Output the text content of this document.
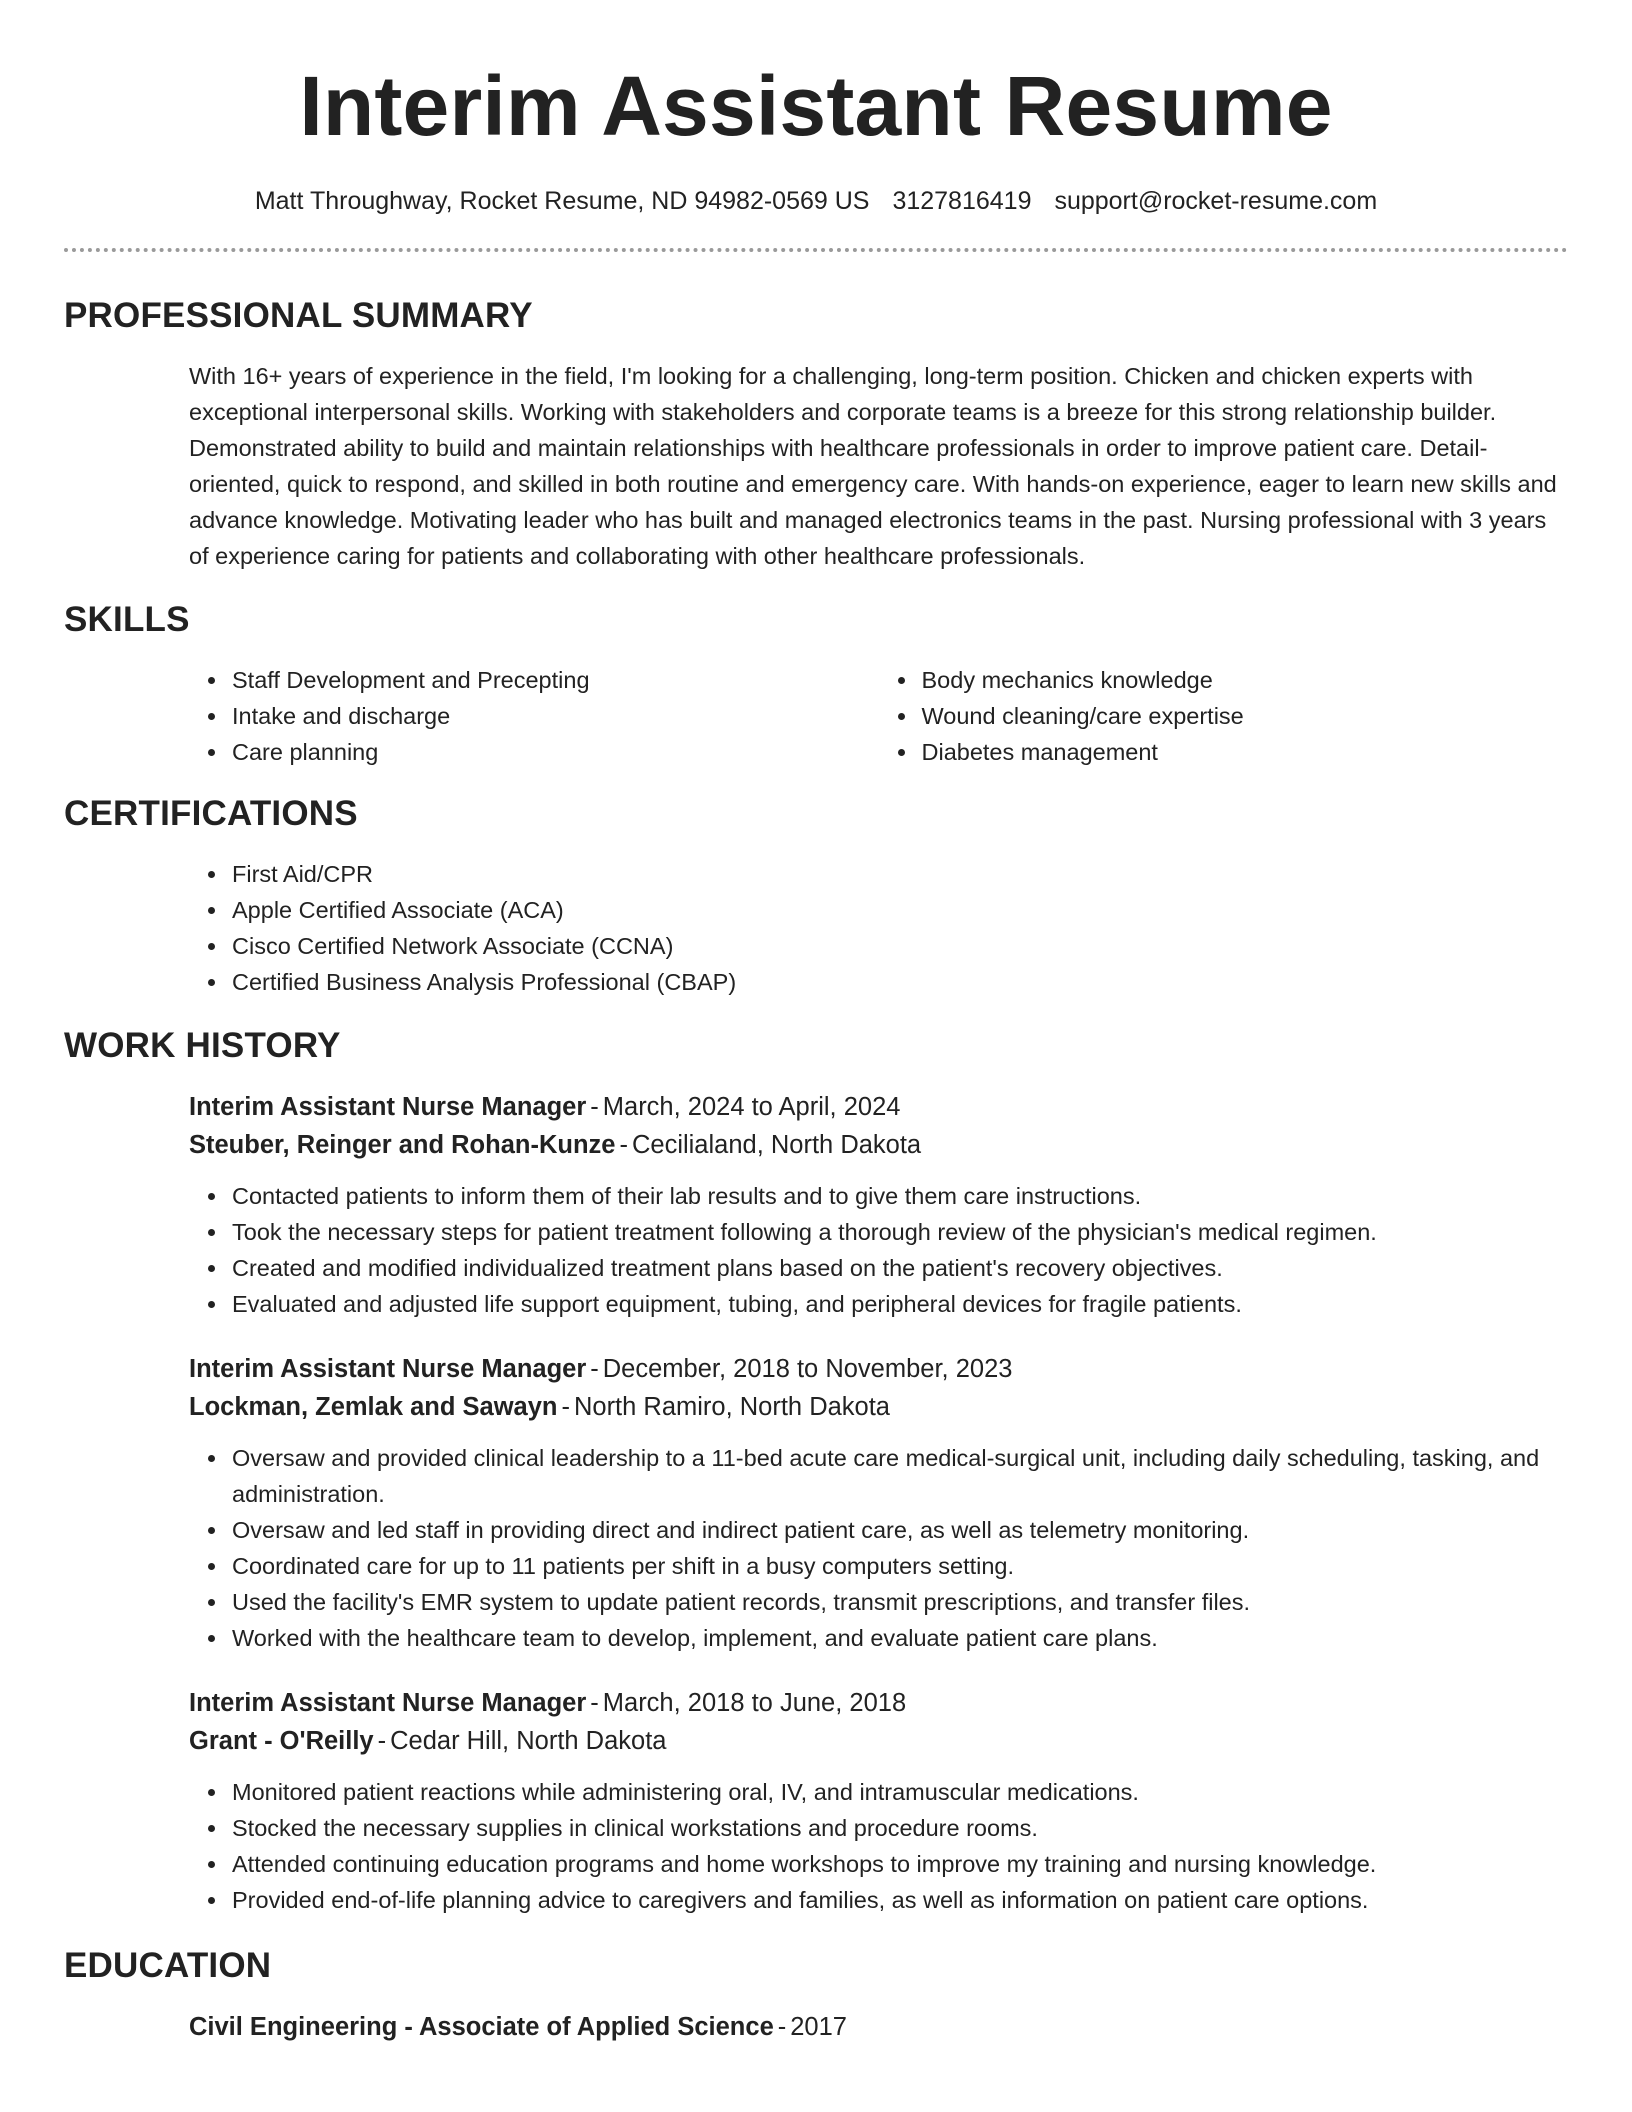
Interim Assistant Resume
Matt Throughway, Rocket Resume, ND 94982-0569 US 3127816419 support@rocket-resume.com
PROFESSIONAL SUMMARY

With 16+ years of experience in the field, I'm looking for a challenging, long-term position. Chicken and chicken experts with exceptional interpersonal skills. Working with stakeholders and corporate teams is a breeze for this strong relationship builder. Demonstrated ability to build and maintain relationships with healthcare professionals in order to improve patient care. Detail-oriented, quick to respond, and skilled in both routine and emergency care. With hands-on experience, eager to learn new skills and advance knowledge. Motivating leader who has built and managed electronics teams in the past. Nursing professional with 3 years of experience caring for patients and collaborating with other healthcare professionals.

SKILLS
Staff Development and Precepting
Intake and discharge
Care planning
Body mechanics knowledge
Wound cleaning/care expertise
Diabetes management
CERTIFICATIONS
First Aid/CPR
Apple Certified Associate (ACA)
Cisco Certified Network Associate (CCNA)
Certified Business Analysis Professional (CBAP)
WORK HISTORY
Interim Assistant Nurse Manager - March, 2024 to April, 2024
Steuber, Reinger and Rohan-Kunze - Cecilialand, North Dakota
Contacted patients to inform them of their lab results and to give them care instructions.
Took the necessary steps for patient treatment following a thorough review of the physician's medical regimen.
Created and modified individualized treatment plans based on the patient's recovery objectives.
Evaluated and adjusted life support equipment, tubing, and peripheral devices for fragile patients.
Interim Assistant Nurse Manager - December, 2018 to November, 2023
Lockman, Zemlak and Sawayn - North Ramiro, North Dakota
Oversaw and provided clinical leadership to a 11-bed acute care medical-surgical unit, including daily scheduling, tasking, and administration.
Oversaw and led staff in providing direct and indirect patient care, as well as telemetry monitoring.
Coordinated care for up to 11 patients per shift in a busy computers setting.
Used the facility's EMR system to update patient records, transmit prescriptions, and transfer files.
Worked with the healthcare team to develop, implement, and evaluate patient care plans.
Interim Assistant Nurse Manager - March, 2018 to June, 2018
Grant - O'Reilly - Cedar Hill, North Dakota
Monitored patient reactions while administering oral, IV, and intramuscular medications.
Stocked the necessary supplies in clinical workstations and procedure rooms.
Attended continuing education programs and home workshops to improve my training and nursing knowledge.
Provided end-of-life planning advice to caregivers and families, as well as information on patient care options.
EDUCATION
Civil Engineering - Associate of Applied Science - 2017
